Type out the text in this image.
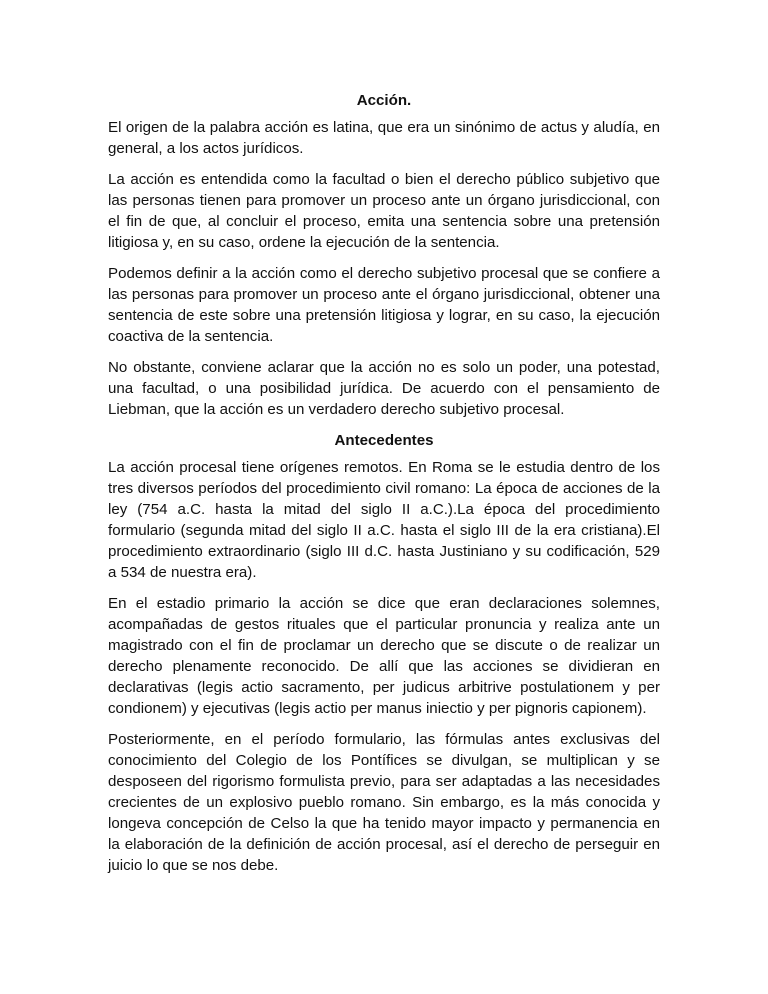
Acción.

El origen de la palabra acción es latina, que era un sinónimo de actus y aludía, en general, a los actos jurídicos.

La acción es entendida como la facultad o bien el derecho público subjetivo que las personas tienen para promover un proceso ante un órgano jurisdiccional, con el fin de que, al concluir el proceso, emita una sentencia sobre una pretensión litigiosa y, en su caso, ordene la ejecución de la sentencia.

Podemos definir a la acción como el derecho subjetivo procesal que se confiere a las personas para promover un proceso ante el órgano jurisdiccional, obtener una sentencia de este sobre una pretensión litigiosa y lograr, en su caso, la ejecución coactiva de la sentencia.

No obstante, conviene aclarar que la acción no es solo un poder, una potestad, una facultad, o una posibilidad jurídica. De acuerdo con el pensamiento de Liebman, que la acción es un verdadero derecho subjetivo procesal.

Antecedentes

La acción procesal tiene orígenes remotos. En Roma se le estudia dentro de los tres diversos períodos del procedimiento civil romano: La época de acciones de la ley (754 a.C. hasta la mitad del siglo II a.C.).La época del procedimiento formulario (segunda mitad del siglo II a.C. hasta el siglo III de la era cristiana).El procedimiento extraordinario (siglo III d.C. hasta Justiniano y su codificación, 529 a 534 de nuestra era).

En el estadio primario la acción se dice que eran declaraciones solemnes, acompañadas de gestos rituales que el particular pronuncia y realiza ante un magistrado con el fin de proclamar un derecho que se discute o de realizar un derecho plenamente reconocido. De allí que las acciones se dividieran en declarativas (legis actio sacramento, per judicus arbitrive postulationem y per condionem) y ejecutivas (legis actio per manus iniectio y per pignoris capionem).

Posteriormente, en el período formulario, las fórmulas antes exclusivas del conocimiento del Colegio de los Pontífices se divulgan, se multiplican y se desposeen del rigorismo formulista previo, para ser adaptadas a las necesidades crecientes de un explosivo pueblo romano. Sin embargo, es la más conocida y longeva concepción de Celso la que ha tenido mayor impacto y permanencia en la elaboración de la definición de acción procesal, así el derecho de perseguir en juicio lo que se nos debe.
